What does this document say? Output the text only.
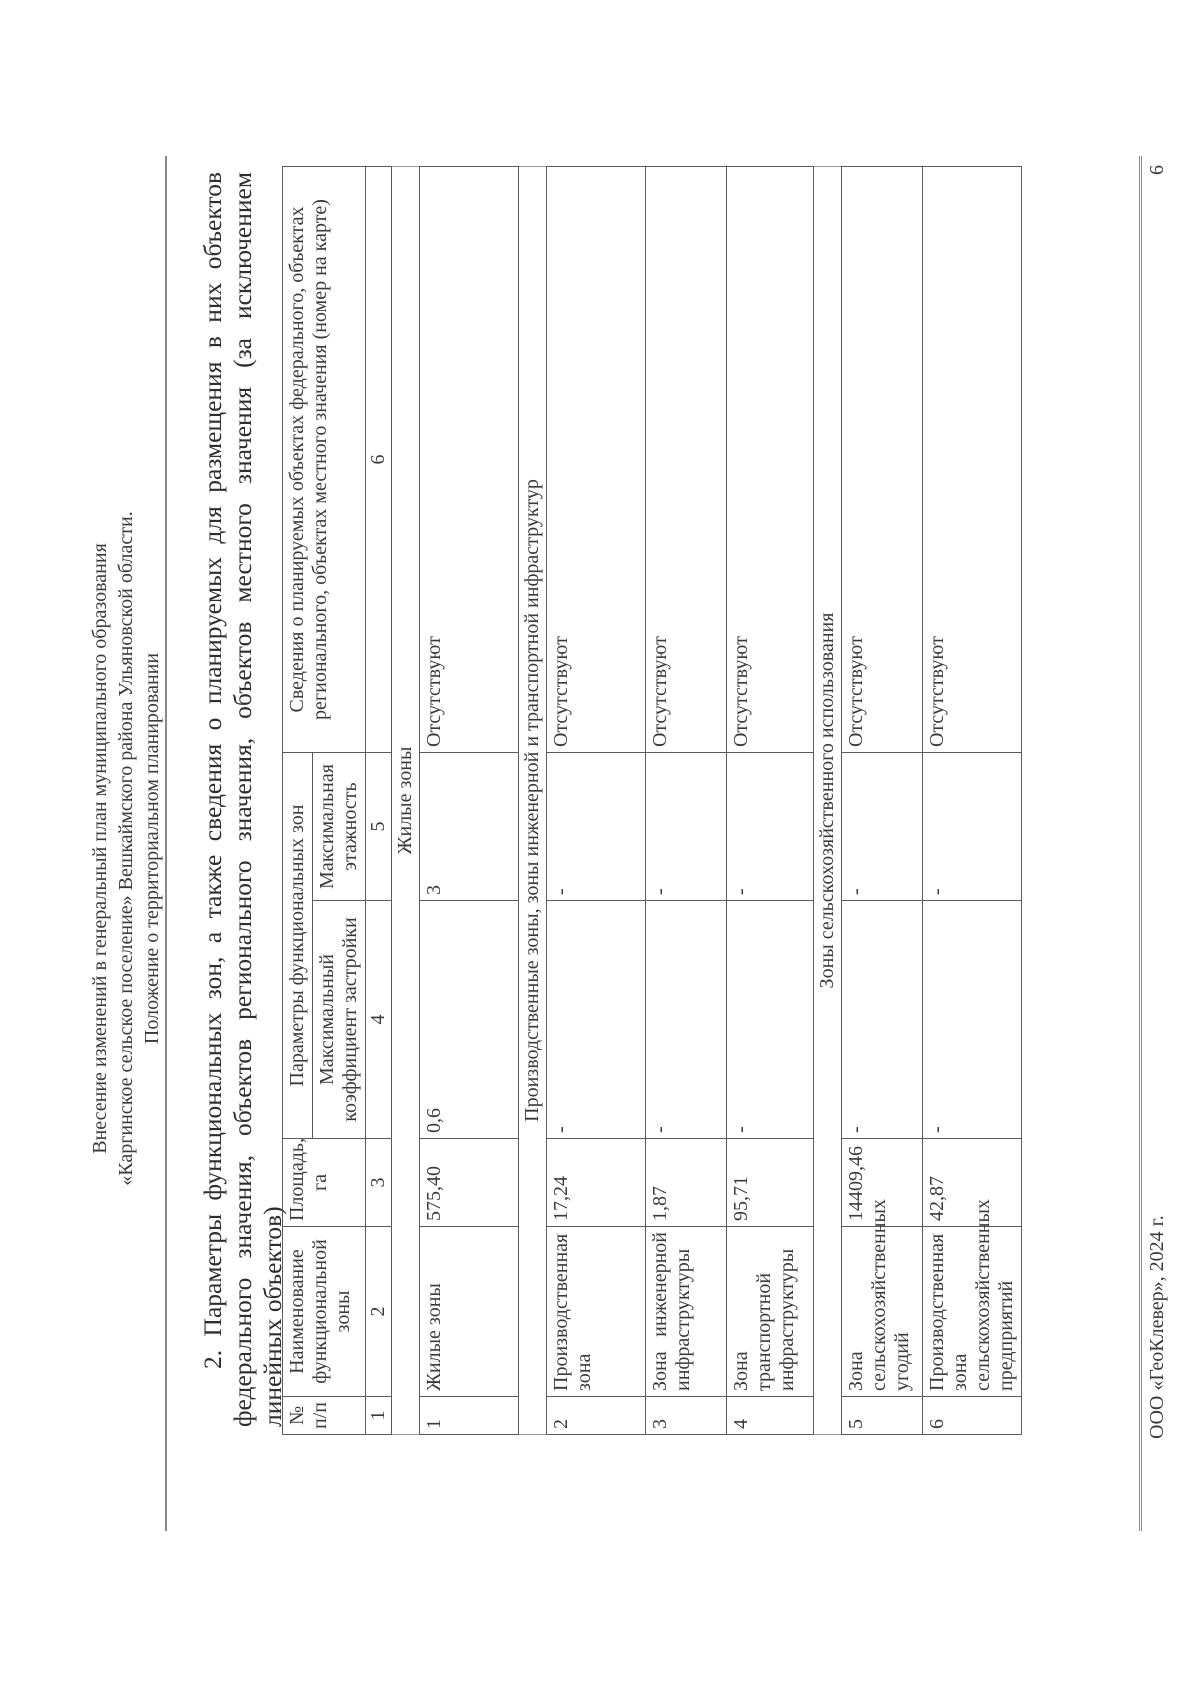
Внесение изменений в генеральный план муниципального образования «Каргинское сельское поселение» Вешкаймского района Ульяновской области. Положение о территориальном планировании 2. Параметры функциональных зон, а также сведения о планируемых для размещения в них объектов федерального значения, объектов регионального значения, объектов местного значения (за исключением линейных объектов) № п/п	Наименование функциональной зоны	Площадь, га	Параметры функциональных зон		Сведения о планируемых объектах федерального, объектах регионального, объектах местного значения (номер на карте)
			Максимальный коэффициент застройки	Максимальная этажность	
1	2	3	4	5	6
Жилые зоны					
1	Жилые зоны	575,40	0,6	3	Отсутствуют
Производственные зоны, зоны инженерной и транспортной инфраструктур					
2	Производственная зона	17,24	-	-	Отсутствуют
3	Зона инженерной инфраструктуры	1,87	-	-	Отсутствуют
4	Зона транспортной инфраструктуры	95,71	-	-	Отсутствуют
Зоны сельскохозяйственного использования					
5	Зона сельскохозяйственных угодий	14409,46	-	-	Отсутствуют
6	Производственная зона сельскохозяйственных предприятий	42,87	-	-	Отсутствуют
ООО «ГеоКлевер», 2024 г.
6
